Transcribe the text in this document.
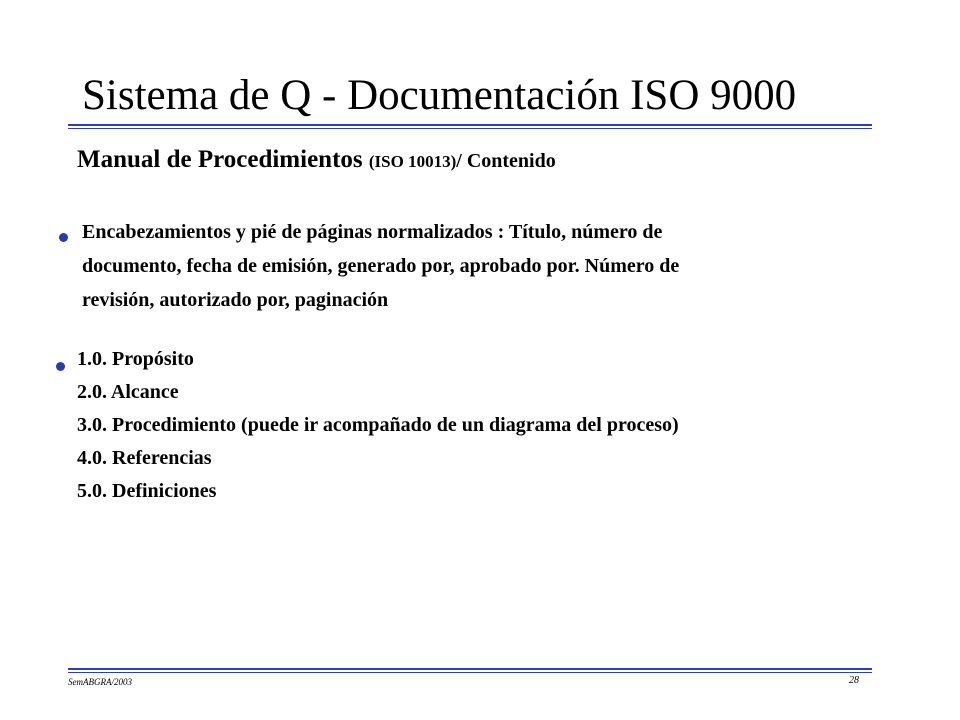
Sistema de Q - Documentación ISO 9000
Manual de Procedimientos (ISO 10013)/ Contenido
Encabezamientos y pié de páginas normalizados : Título, número de
documento, fecha de emisión, generado por, aprobado por. Número de
revisión, autorizado por, paginación
1.0. Propósito
2.0. Alcance
3.0. Procedimiento (puede ir acompañado de un diagrama del proceso)
4.0. Referencias
5.0. Definiciones
SemABGRA/2003	28
